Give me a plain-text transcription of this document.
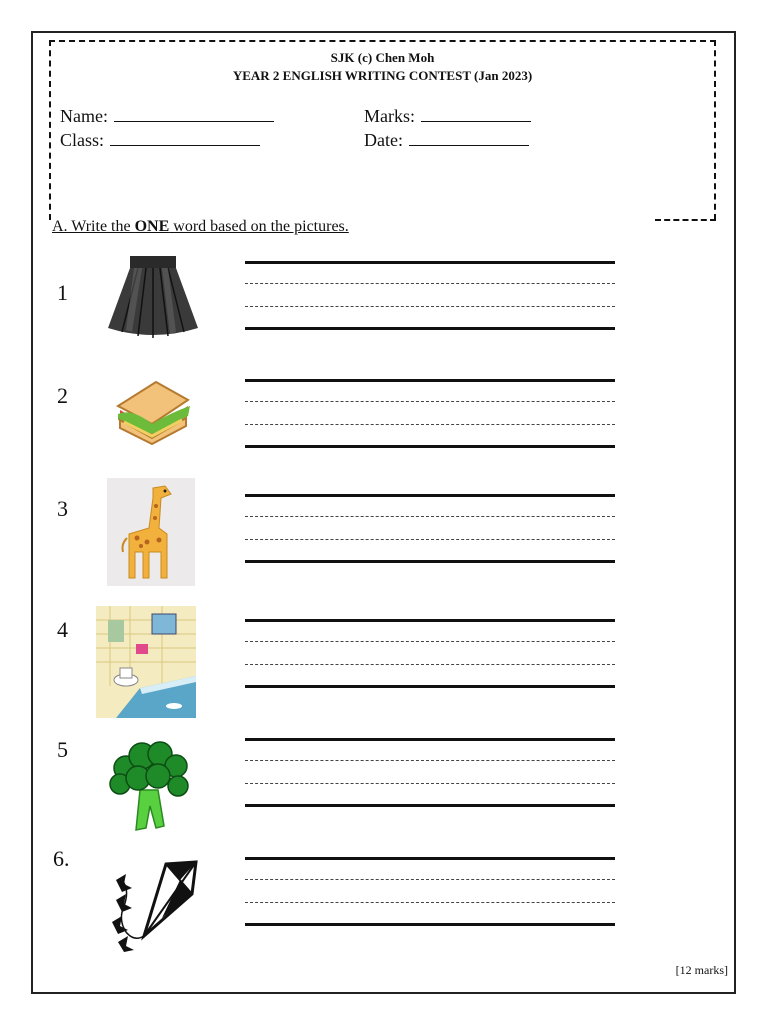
SJK (c) Chen Moh
YEAR 2 ENGLISH WRITING CONTEST (Jan 2023)
Name:
Class:
Marks:
Date:
A. Write the ONE word based on the pictures.
1
2
3
4
5
6.
[12 marks]
